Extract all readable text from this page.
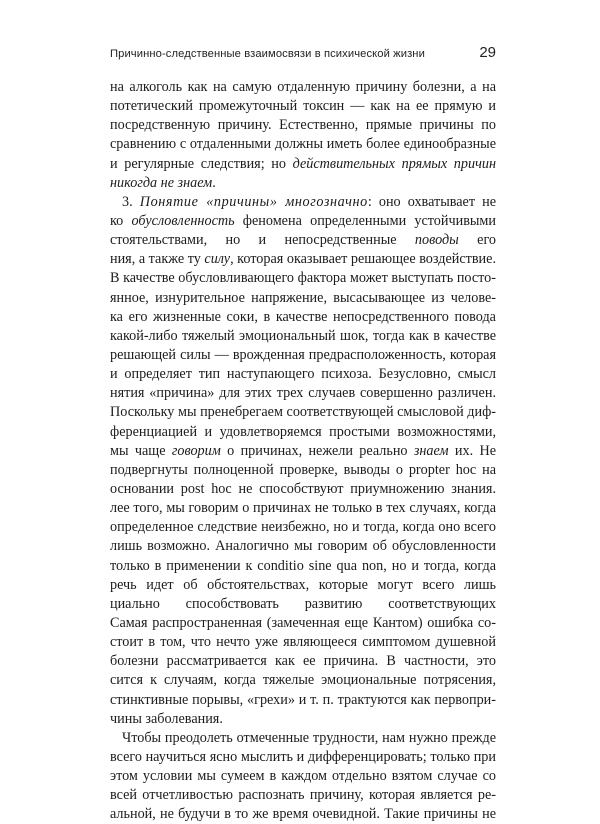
Причинно-следственные взаимосвязи в психической жизни	29
на алкоголь как на самую отдаленную причину болезни, а на
потетический промежуточный токсин — как на ее прямую и
посредственную причину. Естественно, прямые причины по
сравнению с отдаленными должны иметь более единообразные
и регулярные следствия; но действительных прямых причин
никогда не знаем.
3. Понятие «причины» многозначно: оно охватывает не
ко обусловленность феномена определенными устойчивыми
стоятельствами, но и непосредственные поводы его
ния, а также ту силу, которая оказывает решающее воздействие.
В качестве обусловливающего фактора может выступать посто-
янное, изнурительное напряжение, высасывающее из челове-
ка его жизненные соки, в качестве непосредственного повода
какой-либо тяжелый эмоциональный шок, тогда как в качестве
решающей силы — врожденная предрасположенность, которая
и определяет тип наступающего психоза. Безусловно, смысл
нятия «причина» для этих трех случаев совершенно различен.
Поскольку мы пренебрегаем соответствующей смысловой диф-
ференциацией и удовлетворяемся простыми возможностями,
мы чаще говорим о причинах, нежели реально знаем их. Не
подвергнуты полноценной проверке, выводы о propter hoc на
основании post hoc не способствуют приумножению знания.
лее того, мы говорим о причинах не только в тех случаях, когда
определенное следствие неизбежно, но и тогда, когда оно всего
лишь возможно. Аналогично мы говорим об обусловленности
только в применении к conditio sine qua non, но и тогда, когда
речь идет об обстоятельствах, которые могут всего лишь
циально способствовать развитию соответствующих
Самая распространенная (замеченная еще Кантом) ошибка со-
стоит в том, что нечто уже являющееся симптомом душевной
болезни рассматривается как ее причина. В частности, это
сится к случаям, когда тяжелые эмоциональные потрясения,
стинктивные порывы, «грехи» и т. п. трактуются как первопри-
чины заболевания.
Чтобы преодолеть отмеченные трудности, нам нужно прежде
всего научиться ясно мыслить и дифференцировать; только при
этом условии мы сумеем в каждом отдельно взятом случае со
всей отчетливостью распознать причину, которая является ре-
альной, не будучи в то же время очевидной. Такие причины не
